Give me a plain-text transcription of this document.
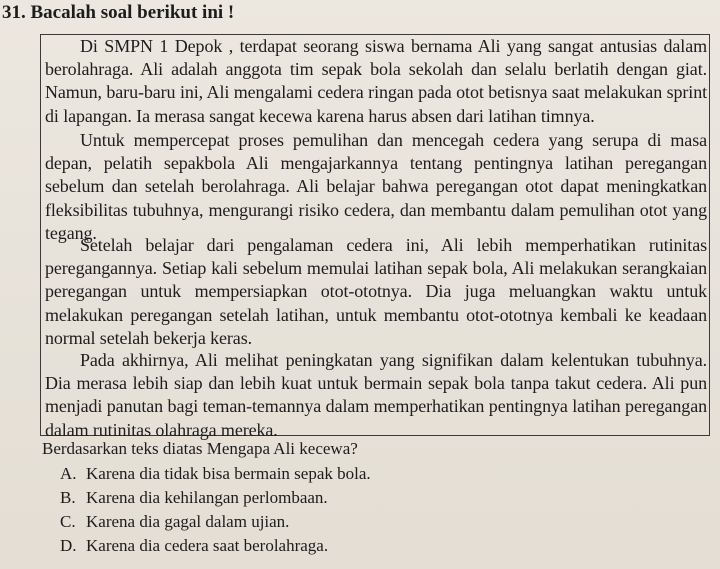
31. Bacalah soal berikut ini !
Di SMPN 1 Depok , terdapat seorang siswa bernama Ali yang sangat antusias dalam berolahraga. Ali adalah anggota tim sepak bola sekolah dan selalu berlatih dengan giat. Namun, baru-baru ini, Ali mengalami cedera ringan pada otot betisnya saat melakukan sprint di lapangan. Ia merasa sangat kecewa karena harus absen dari latihan timnya.
Untuk mempercepat proses pemulihan dan mencegah cedera yang serupa di masa depan, pelatih sepakbola Ali mengajarkannya tentang pentingnya latihan peregangan sebelum dan setelah berolahraga. Ali belajar bahwa peregangan otot dapat meningkatkan fleksibilitas tubuhnya, mengurangi risiko cedera, dan membantu dalam pemulihan otot yang tegang.
Setelah belajar dari pengalaman cedera ini, Ali lebih memperhatikan rutinitas peregangannya. Setiap kali sebelum memulai latihan sepak bola, Ali melakukan serangkaian peregangan untuk mempersiapkan otot-ototnya. Dia juga meluangkan waktu untuk melakukan peregangan setelah latihan, untuk membantu otot-ototnya kembali ke keadaan normal setelah bekerja keras.
Pada akhirnya, Ali melihat peningkatan yang signifikan dalam kelentukan tubuhnya. Dia merasa lebih siap dan lebih kuat untuk bermain sepak bola tanpa takut cedera. Ali pun menjadi panutan bagi teman-temannya dalam memperhatikan pentingnya latihan peregangan dalam rutinitas olahraga mereka.
Berdasarkan teks diatas Mengapa Ali kecewa?
A. Karena dia tidak bisa bermain sepak bola.
B. Karena dia kehilangan perlombaan.
C. Karena dia gagal dalam ujian.
D. Karena dia cedera saat berolahraga.
